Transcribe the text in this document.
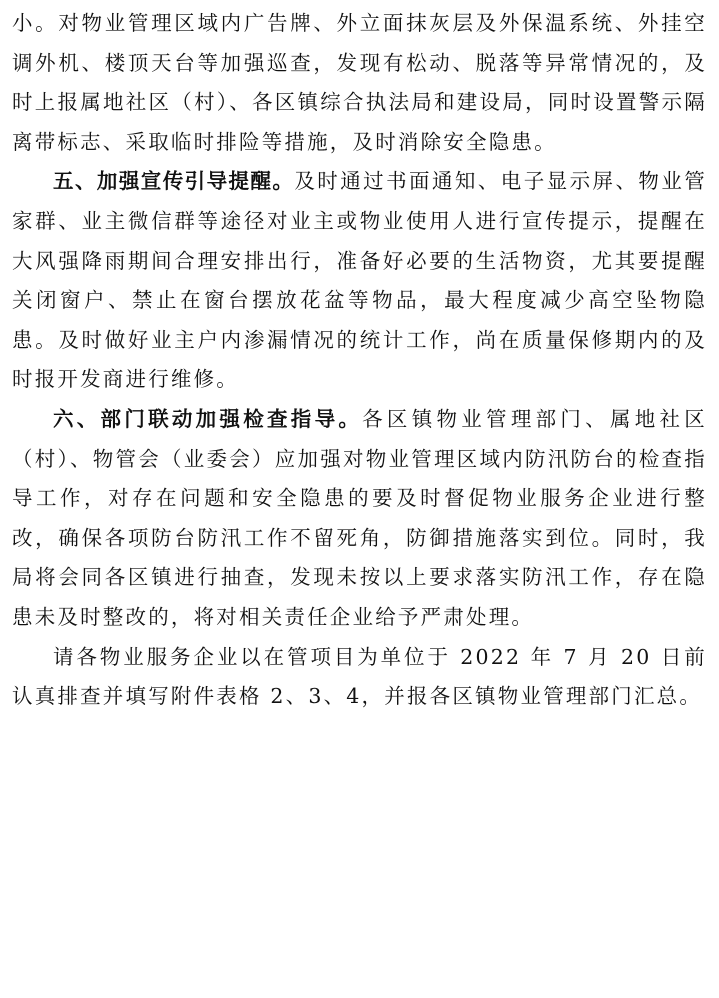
小。对物业管理区域内广告牌、外立面抹灰层及外保温系统、外挂空调外机、楼顶天台等加强巡查，发现有松动、脱落等异常情况的，及时上报属地社区（村）、各区镇综合执法局和建设局，同时设置警示隔离带标志、采取临时排险等措施，及时消除安全隐患。

五、加强宣传引导提醒。及时通过书面通知、电子显示屏、物业管家群、业主微信群等途径对业主或物业使用人进行宣传提示，提醒在大风强降雨期间合理安排出行，准备好必要的生活物资，尤其要提醒关闭窗户、禁止在窗台摆放花盆等物品，最大程度减少高空坠物隐患。及时做好业主户内渗漏情况的统计工作，尚在质量保修期内的及时报开发商进行维修。

六、部门联动加强检查指导。各区镇物业管理部门、属地社区（村）、物管会（业委会）应加强对物业管理区域内防汛防台的检查指导工作，对存在问题和安全隐患的要及时督促物业服务企业进行整改，确保各项防台防汛工作不留死角，防御措施落实到位。同时，我局将会同各区镇进行抽查，发现未按以上要求落实防汛工作，存在隐患未及时整改的，将对相关责任企业给予严肃处理。

请各物业服务企业以在管项目为单位于 2022 年 7 月 20 日前认真排查并填写附件表格 2、3、4，并报各区镇物业管理部门汇总。
